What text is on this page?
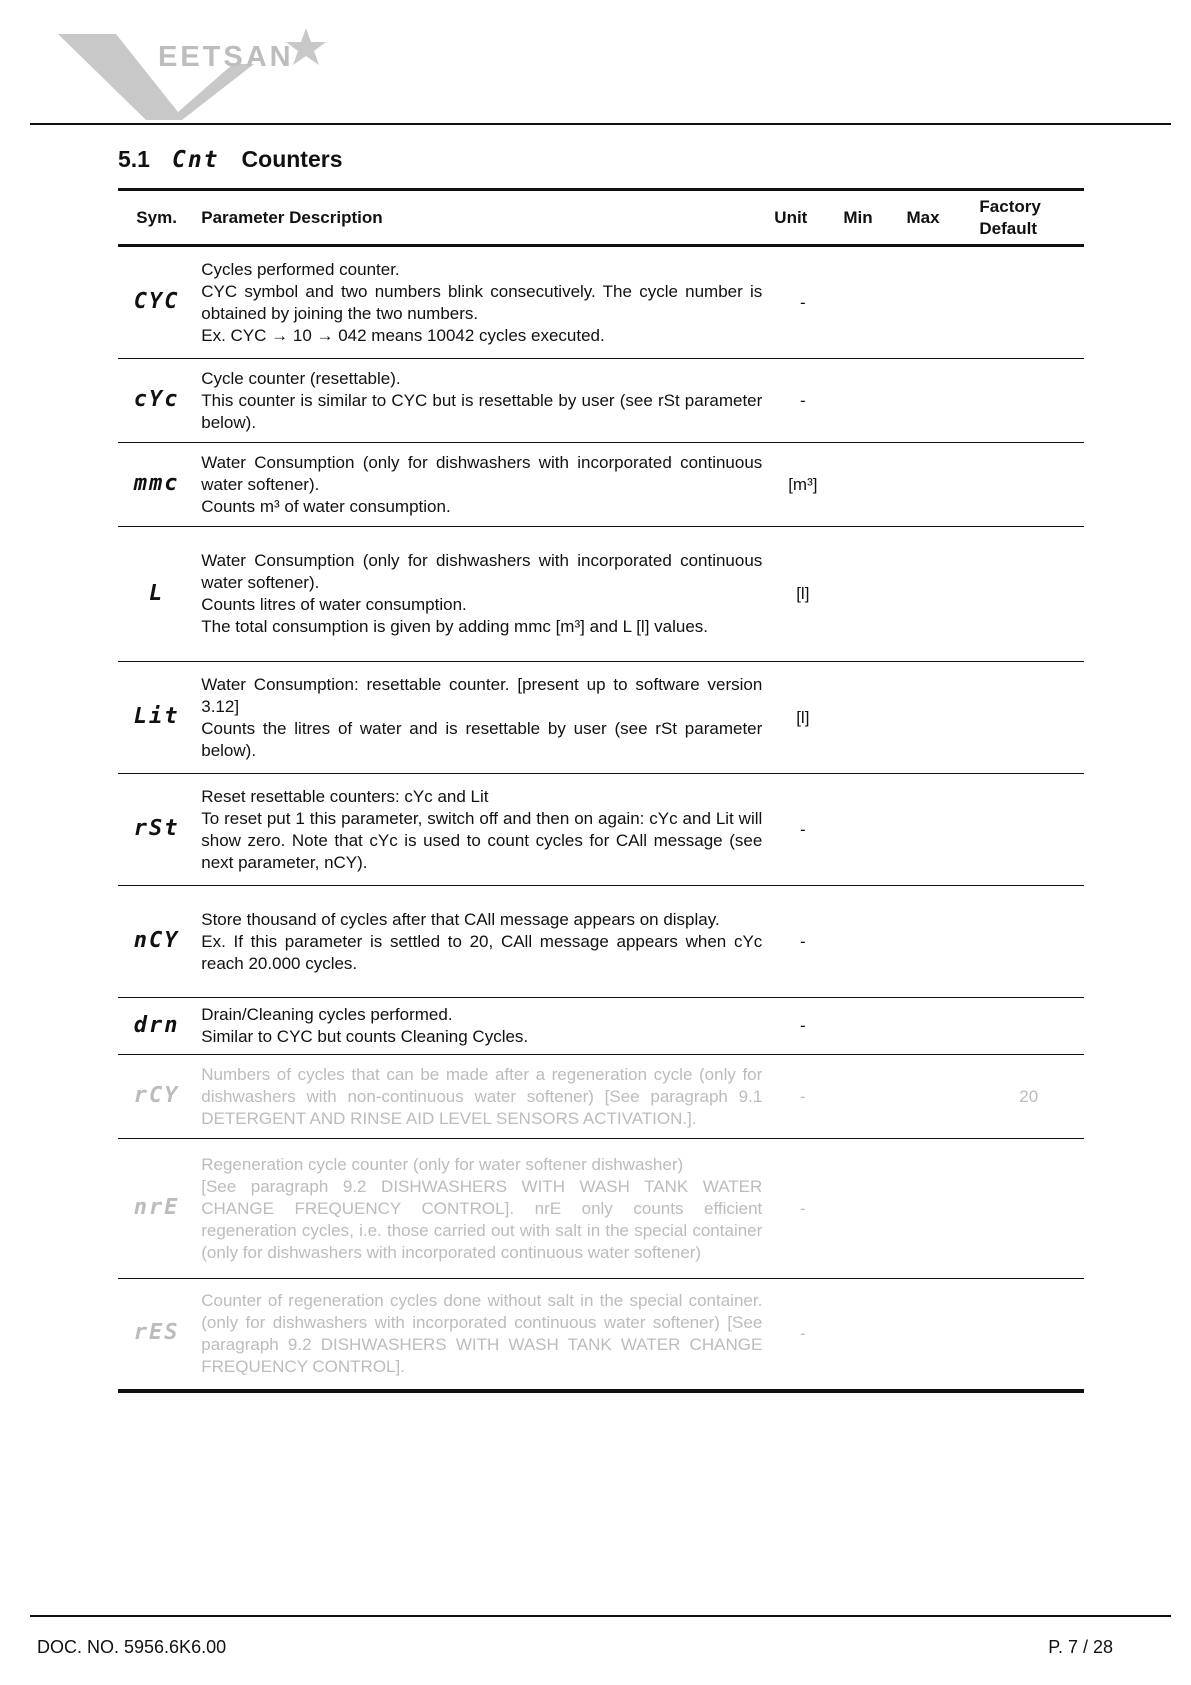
EETSAN
5.1 Cnt Counters
Sym.	Parameter Description	Unit	Min	Max	Factory
Default

CYC	Cycles performed counter.
CYC symbol and two numbers blink consecutively. The cycle number is obtained by joining the two numbers.
Ex. CYC → 10 → 042 means 10042 cycles executed.	-			
cYc	Cycle counter (resettable).
This counter is similar to CYC but is resettable by user (see rSt parameter below).	-			
mmc	Water Consumption (only for dishwashers with incorporated continuous water softener).
Counts m³ of water consumption.	[m³]			
L	Water Consumption (only for dishwashers with incorporated continuous water softener).
Counts litres of water consumption.
The total consumption is given by adding mmc [m³] and L [l] values.	[l]			
Lit	Water Consumption: resettable counter. [present up to software version 3.12]
Counts the litres of water and is resettable by user (see rSt parameter below).	[l]			
rSt	Reset resettable counters: cYc and Lit
To reset put 1 this parameter, switch off and then on again: cYc and Lit will show zero. Note that cYc is used to count cycles for CAll message (see next parameter, nCY).	-			
nCY	Store thousand of cycles after that CAll message appears on display.
Ex. If this parameter is settled to 20, CAll message appears when cYc reach 20.000 cycles.	-			
drn	Drain/Cleaning cycles performed.
Similar to CYC but counts Cleaning Cycles.	-			
rCY	Numbers of cycles that can be made after a regeneration cycle (only for dishwashers with non-continuous water softener) [See paragraph 9.1 DETERGENT AND RINSE AID LEVEL SENSORS ACTIVATION.].	-			20
nrE	Regeneration cycle counter (only for water softener dishwasher)
[See paragraph 9.2 DISHWASHERS WITH WASH TANK WATER CHANGE FREQUENCY CONTROL]. nrE only counts efficient regeneration cycles, i.e. those carried out with salt in the special container (only for dishwashers with incorporated continuous water softener)	-			
rES	Counter of regeneration cycles done without salt in the special container. (only for dishwashers with incorporated continuous water softener) [See paragraph 9.2 DISHWASHERS WITH WASH TANK WATER CHANGE FREQUENCY CONTROL].	-			
DOC. NO. 5956.6K6.00	P. 7 / 28
